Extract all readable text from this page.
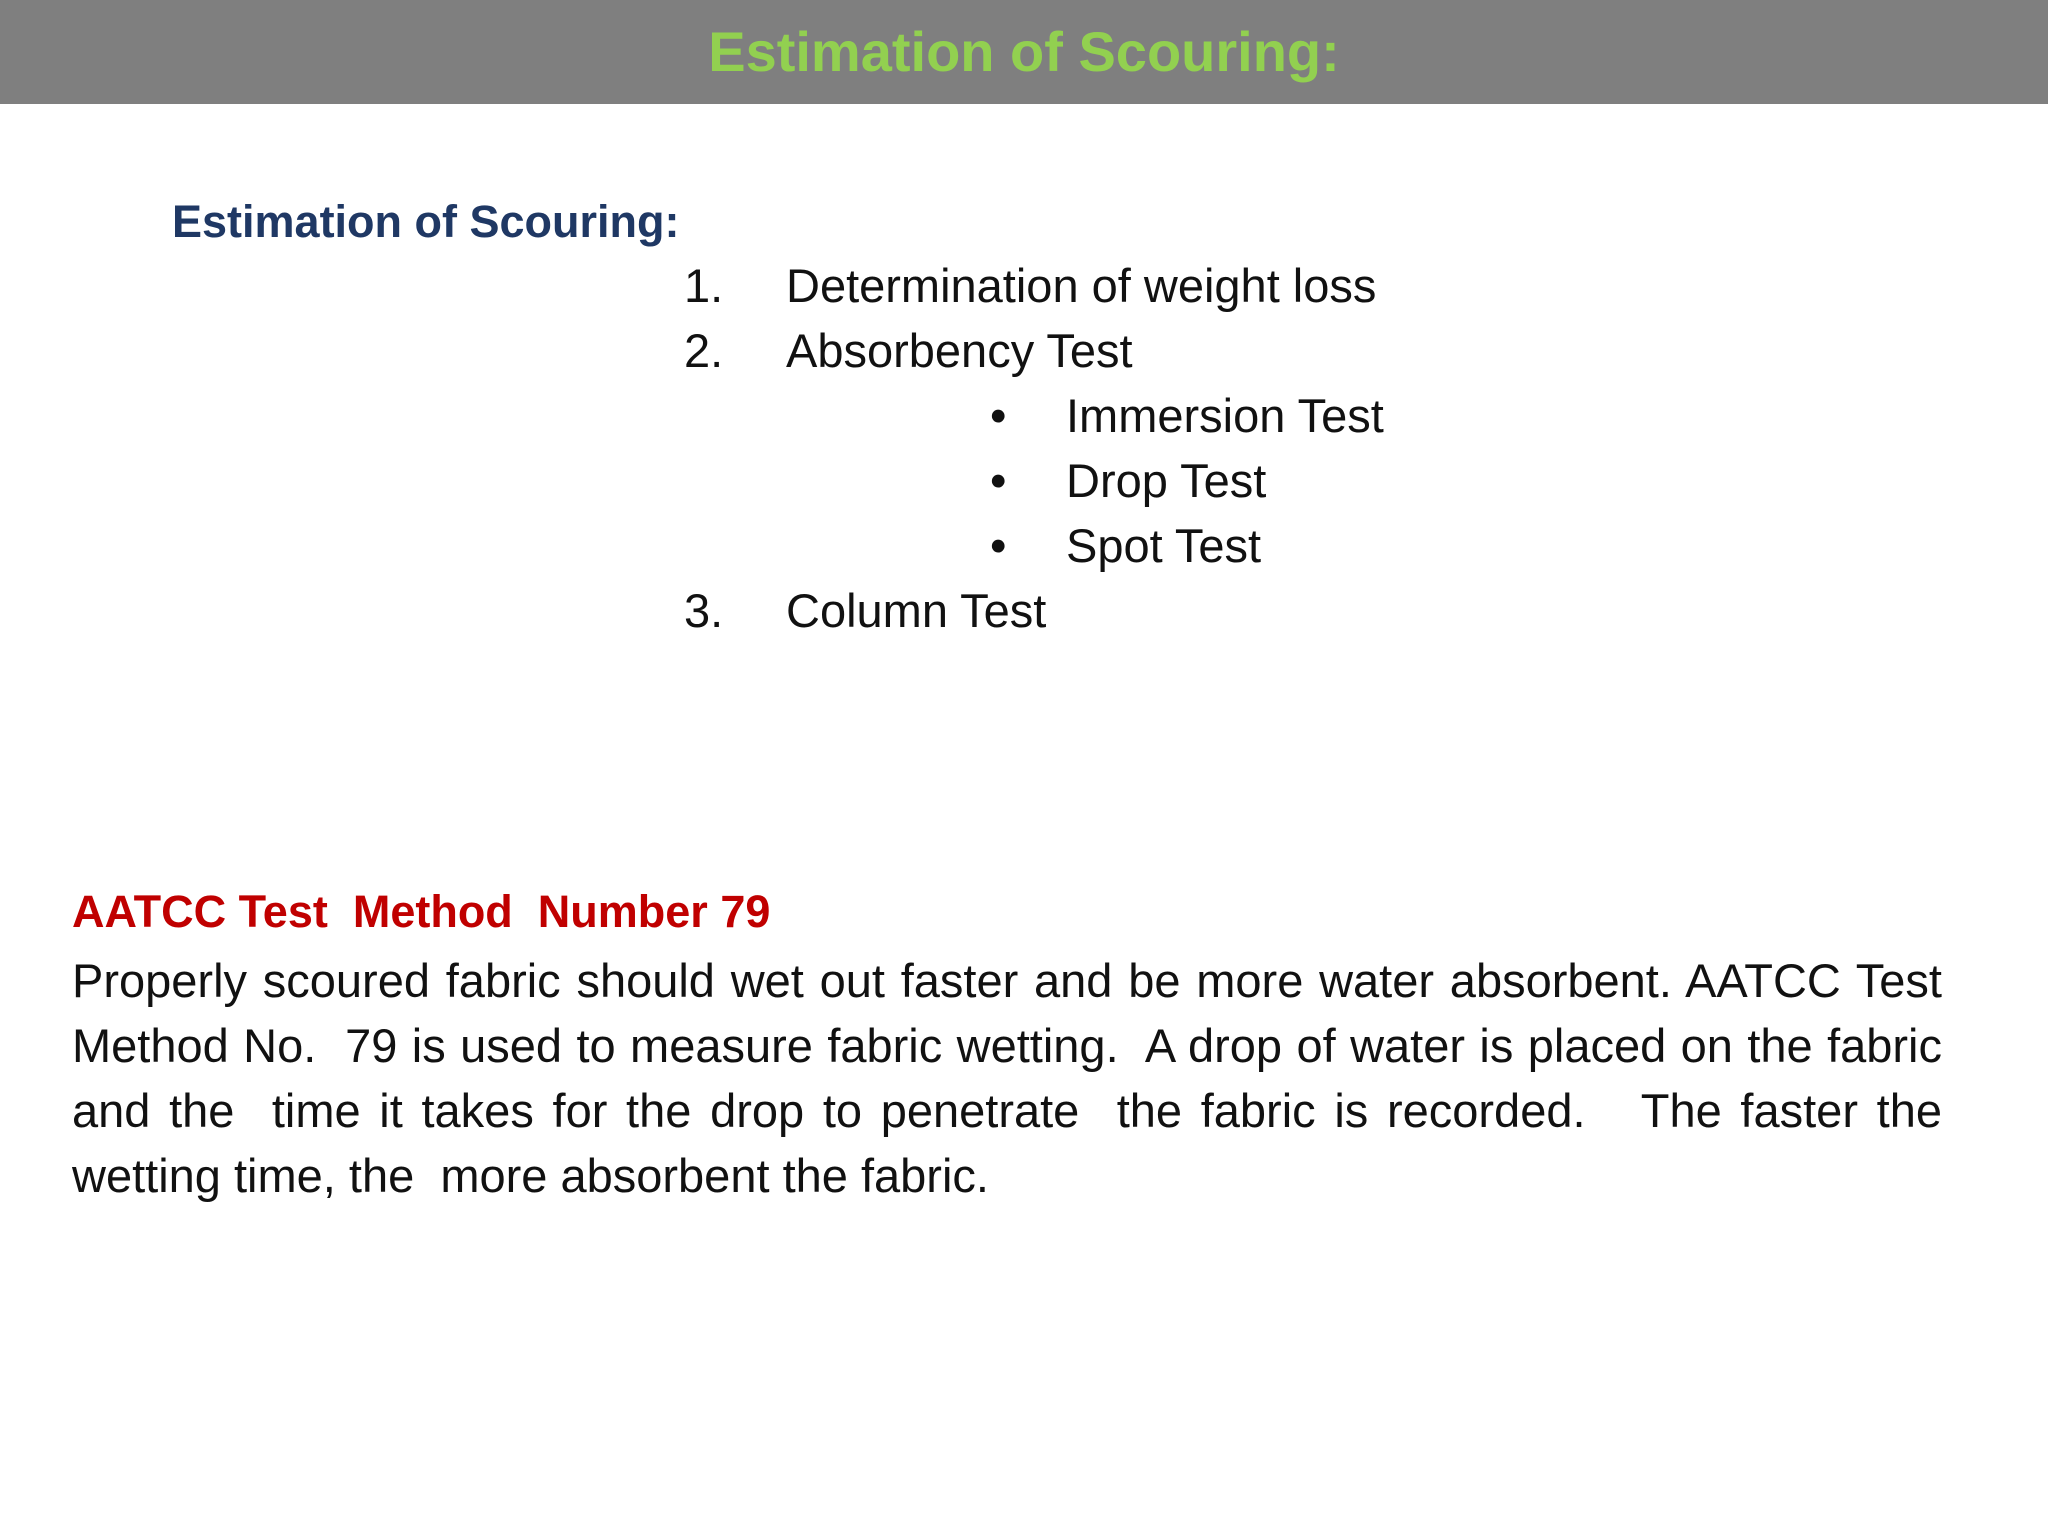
Estimation of Scouring:
Estimation of Scouring:
1. Determination of weight loss
2. Absorbency Test
• Immersion Test
• Drop Test
• Spot Test
3. Column Test
AATCC Test  Method  Number 79
Properly scoured fabric should wet out faster and be more water absorbent. AATCC Test Method No.  79 is used to measure fabric wetting.  A drop of water is placed on the fabric and the  time it takes for the drop to penetrate  the fabric is recorded.   The faster the wetting time, the  more absorbent the fabric.
